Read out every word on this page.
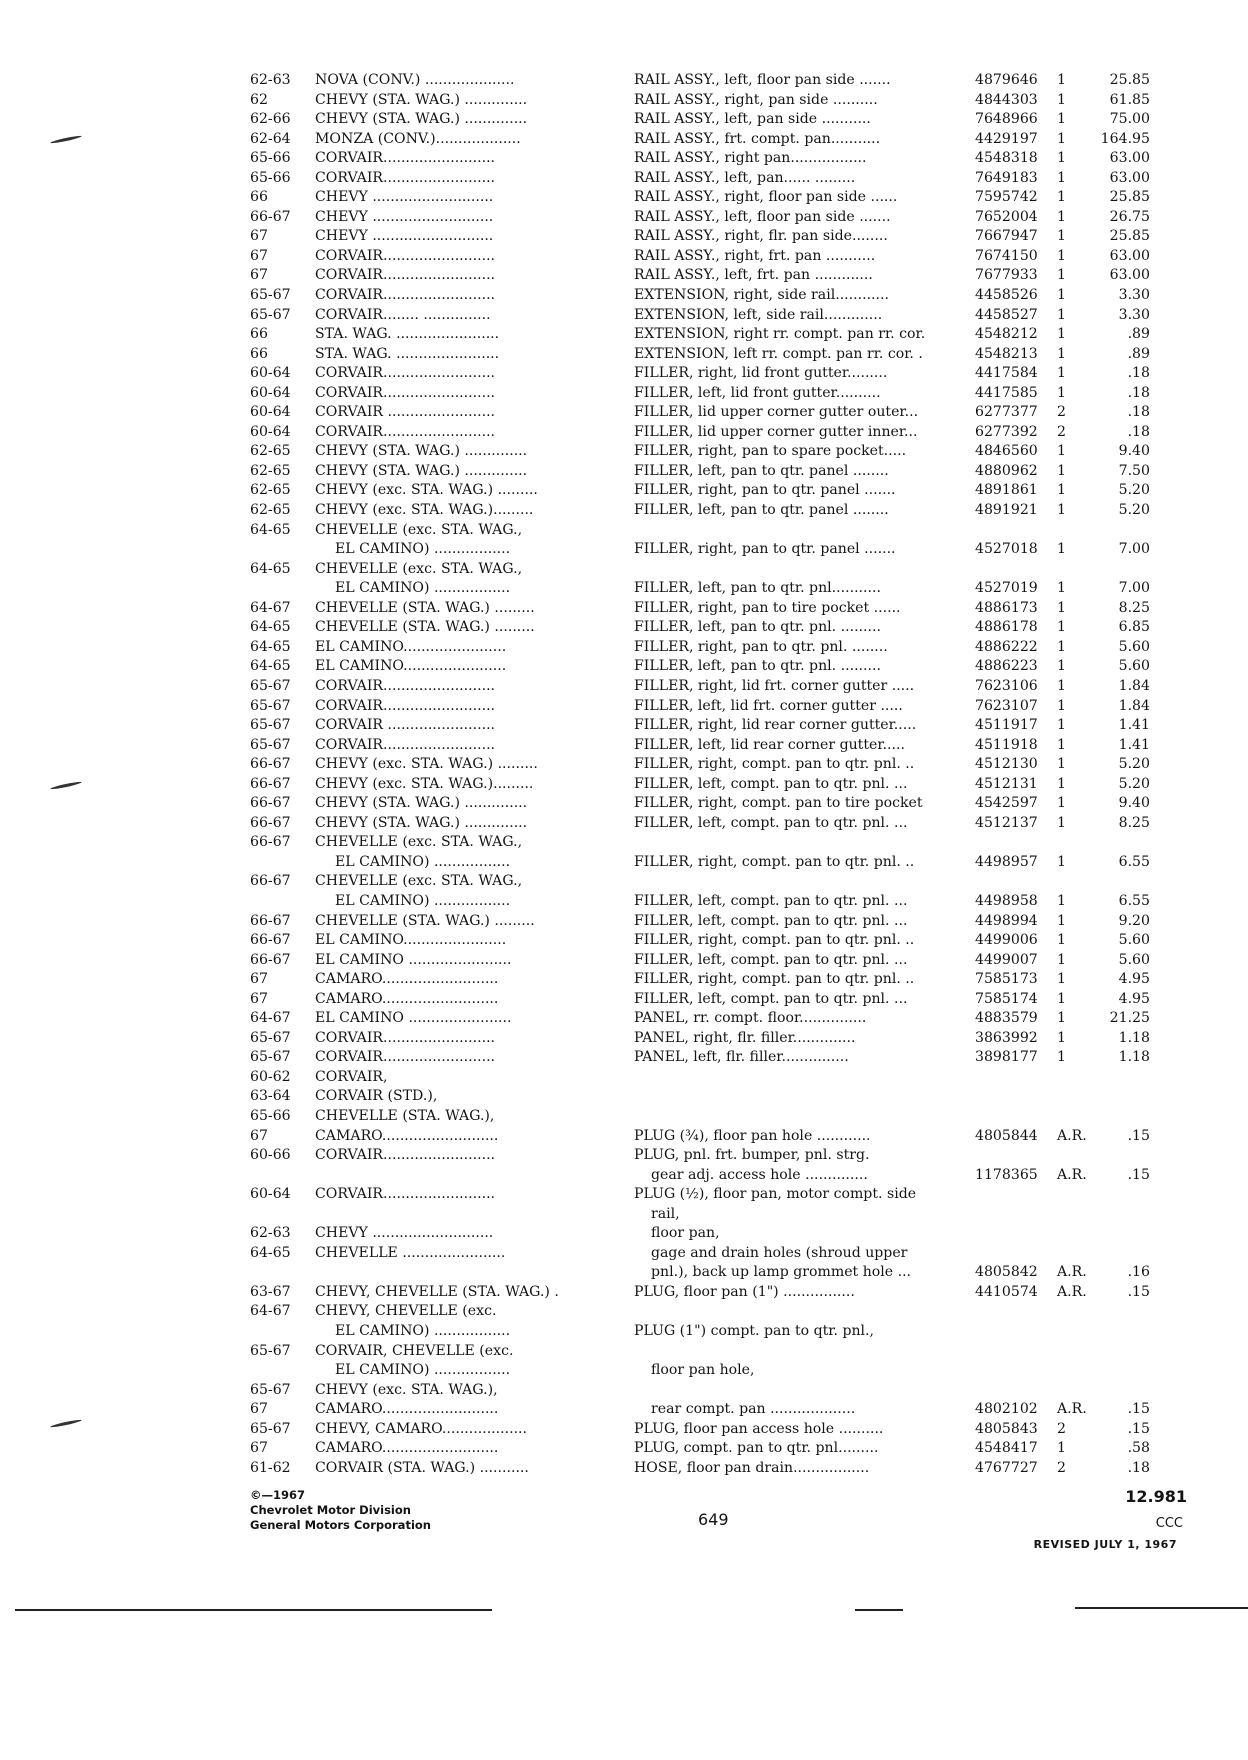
62-63 NOVA (CONV.) ....................	RAIL ASSY., left, floor pan side .......	4879646 1	25.85
62	CHEVY (STA. WAG.) ..............	RAIL ASSY., right, pan side ..........	4844303 1	61.85
62-66 CHEVY (STA. WAG.) ..............	RAIL ASSY., left, pan side ...........	7648966 1	75.00
62-64 MONZA (CONV.)...................	RAIL ASSY., frt. compt. pan...........	4429197 1	164.95
65-66 CORVAIR.........................	RAIL ASSY., right pan.................	4548318 1	63.00
65-66 CORVAIR.........................	RAIL ASSY., left, pan...... .........	7649183 1	63.00
66	CHEVY ...........................	RAIL ASSY., right, floor pan side ......	7595742 1	25.85
66-67 CHEVY ...........................	RAIL ASSY., left, floor pan side .......	7652004 1	26.75
67	CHEVY ...........................	RAIL ASSY., right, flr. pan side........	7667947 1	25.85
67	CORVAIR.........................	RAIL ASSY., right, frt. pan ...........	7674150 1	63.00
67	CORVAIR.........................	RAIL ASSY., left, frt. pan .............	7677933 1	63.00
65-67 CORVAIR.........................	EXTENSION, right, side rail............	4458526 1	3.30
65-67 CORVAIR........ ...............	EXTENSION, left, side rail.............	4458527 1	3.30
66	STA. WAG. .......................	EXTENSION, right rr. compt. pan rr. cor.	4548212 1	.89
66	STA. WAG. .......................	EXTENSION, left rr. compt. pan rr. cor. .	4548213 1	.89
60-64 CORVAIR.........................	FILLER, right, lid front gutter.........	4417584 1	.18
60-64 CORVAIR.........................	FILLER, left, lid front gutter..........	4417585 1	.18
60-64 CORVAIR ........................	FILLER, lid upper corner gutter outer...	6277377 2	.18
60-64 CORVAIR.........................	FILLER, lid upper corner gutter inner...	6277392 2	.18
62-65 CHEVY (STA. WAG.) ..............	FILLER, right, pan to spare pocket.....	4846560 1	9.40
62-65 CHEVY (STA. WAG.) ..............	FILLER, left, pan to qtr. panel ........	4880962 1	7.50
62-65 CHEVY (exc. STA. WAG.) .........	FILLER, right, pan to qtr. panel .......	4891861 1	5.20
62-65 CHEVY (exc. STA. WAG.).........	FILLER, left, pan to qtr. panel ........	4891921 1	5.20
64-65 CHEVELLE (exc. STA. WAG.,
EL CAMINO) .................	FILLER, right, pan to qtr. panel .......	4527018 1	7.00
64-65 CHEVELLE (exc. STA. WAG.,
EL CAMINO) .................	FILLER, left, pan to qtr. pnl...........	4527019 1	7.00
64-67 CHEVELLE (STA. WAG.) .........	FILLER, right, pan to tire pocket ......	4886173 1	8.25
64-65 CHEVELLE (STA. WAG.) .........	FILLER, left, pan to qtr. pnl. .........	4886178 1	6.85
64-65 EL CAMINO.......................	FILLER, right, pan to qtr. pnl. ........	4886222 1	5.60
64-65 EL CAMINO.......................	FILLER, left, pan to qtr. pnl. .........	4886223 1	5.60
65-67 CORVAIR.........................	FILLER, right, lid frt. corner gutter .....	7623106 1	1.84
65-67 CORVAIR.........................	FILLER, left, lid frt. corner gutter .....	7623107 1	1.84
65-67 CORVAIR ........................	FILLER, right, lid rear corner gutter.....	4511917 1	1.41
65-67 CORVAIR.........................	FILLER, left, lid rear corner gutter.....	4511918 1	1.41
66-67 CHEVY (exc. STA. WAG.) .........	FILLER, right, compt. pan to qtr. pnl. ..	4512130 1	5.20
66-67 CHEVY (exc. STA. WAG.).........	FILLER, left, compt. pan to qtr. pnl. ...	4512131 1	5.20
66-67 CHEVY (STA. WAG.) ..............	FILLER, right, compt. pan to tire pocket	4542597 1	9.40
66-67 CHEVY (STA. WAG.) ..............	FILLER, left, compt. pan to qtr. pnl. ...	4512137 1	8.25
66-67 CHEVELLE (exc. STA. WAG.,
EL CAMINO) .................	FILLER, right, compt. pan to qtr. pnl. ..	4498957 1	6.55
66-67 CHEVELLE (exc. STA. WAG.,
EL CAMINO) .................	FILLER, left, compt. pan to qtr. pnl. ...	4498958 1	6.55
66-67 CHEVELLE (STA. WAG.) .........	FILLER, left, compt. pan to qtr. pnl. ...	4498994 1	9.20
66-67 EL CAMINO.......................	FILLER, right, compt. pan to qtr. pnl. ..	4499006 1	5.60
66-67 EL CAMINO .......................	FILLER, left, compt. pan to qtr. pnl. ...	4499007 1	5.60
67	CAMARO..........................	FILLER, right, compt. pan to qtr. pnl. ..	7585173 1	4.95
67	CAMARO..........................	FILLER, left, compt. pan to qtr. pnl. ...	7585174 1	4.95
64-67 EL CAMINO .......................	PANEL, rr. compt. floor...............	4883579 1	21.25
65-67 CORVAIR.........................	PANEL, right, flr. filler..............	3863992 1	1.18
65-67 CORVAIR.........................	PANEL, left, flr. filler...............	3898177 1	1.18
60-62 CORVAIR,
63-64 CORVAIR (STD.),
65-66 CHEVELLE (STA. WAG.),
67	CAMARO..........................	PLUG (¾), floor pan hole ............	4805844 A.R.	.15
60-66 CORVAIR.........................	PLUG, pnl. frt. bumper, pnl. strg.
gear adj. access hole ..............	1178365 A.R.	.15
60-64 CORVAIR.........................	PLUG (½), floor pan, motor compt. side
rail,
62-63 CHEVY ...........................	floor pan,
64-65 CHEVELLE .......................	gage and drain holes (shroud upper
pnl.), back up lamp grommet hole ...	4805842 A.R.	.16
63-67 CHEVY, CHEVELLE (STA. WAG.) .	PLUG, floor pan (1") ................	4410574 A.R.	.15
64-67 CHEVY, CHEVELLE (exc.
EL CAMINO) .................	PLUG (1") compt. pan to qtr. pnl.,
65-67 CORVAIR, CHEVELLE (exc.
EL CAMINO) .................	floor pan hole,
65-67 CHEVY (exc. STA. WAG.),
67	CAMARO..........................	rear compt. pan ...................	4802102 A.R.	.15
65-67 CHEVY, CAMARO...................	PLUG, floor pan access hole ..........	4805843 2	.15
67	CAMARO..........................	PLUG, compt. pan to qtr. pnl.........	4548417 1	.58
61-62 CORVAIR (STA. WAG.) ...........	HOSE, floor pan drain.................	4767727 2	.18
©—1967
Chevrolet Motor Division
General Motors Corporation	649
12.981
CCC
REVISED JULY 1, 1967
